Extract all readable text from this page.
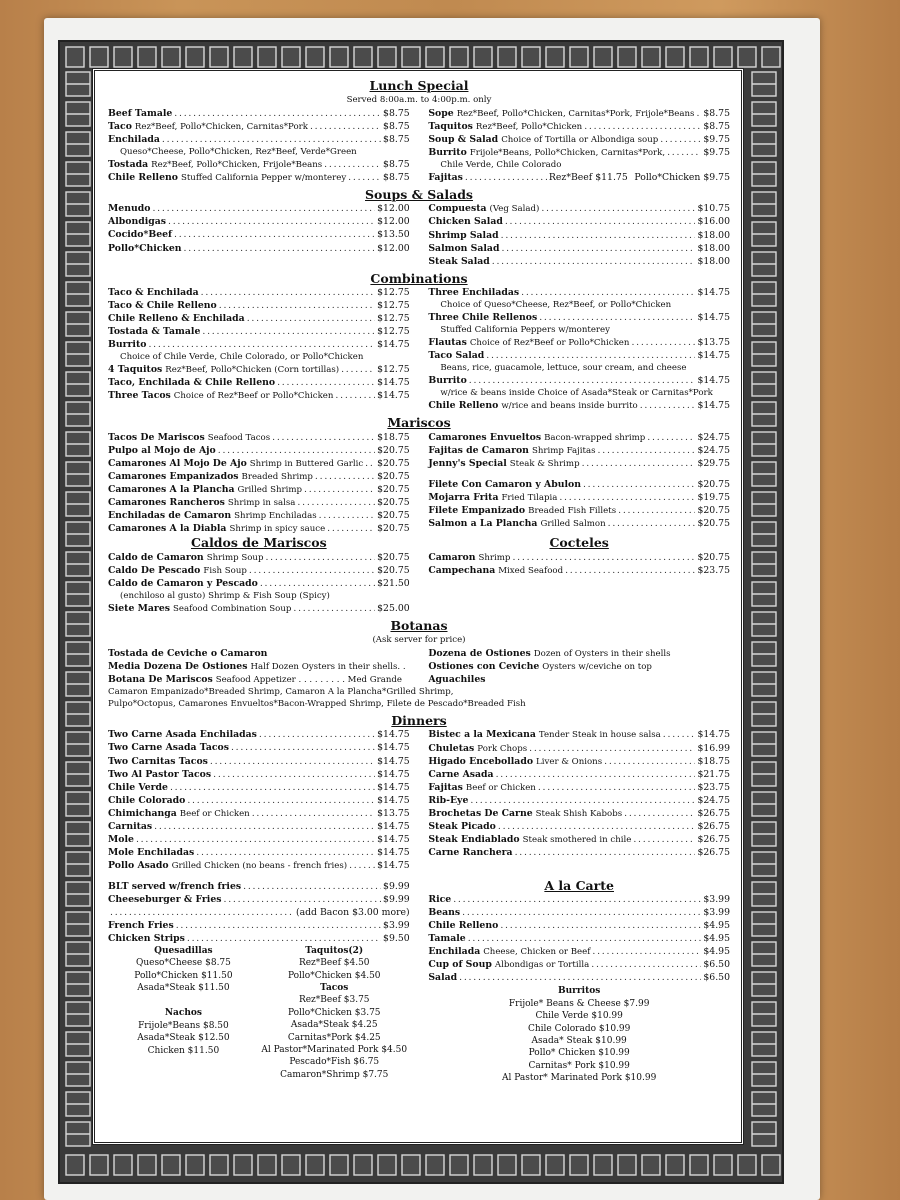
Lunch Special
Served 8:00a.m. to 4:00p.m. only
Beef Tamale . . .	$8.75
Taco Rez*Beef, Pollo*Chicken, Carnitas*Pork . . .	$8.75
Enchilada . . .	$8.75
Queso*Cheese, Pollo*Chicken, Rez*Beef, Verde*Green
Tostada Rez*Beef, Pollo*Chicken, Frijole*Beans . . .	$8.75
Chile Relleno Stuffed California Pepper w/monterey . . .	$8.75
Sope Rez*Beef, Pollo*Chicken, Carnitas*Pork, Frijole*Beans . . . $8.75
Taquitos Rez*Beef, Pollo*Chicken . . .	$8.75
Soup & Salad Choice of Tortilla or Albondiga soup . . .	$9.75
Burrito Frijole*Beans, Pollo*Chicken, Carnitas*Pork, . . .	$9.75
Chile Verde, Chile Colorado
Fajitas . . .	Rez*Beef $11.75 Pollo*Chicken $9.75
Soups & Salads
Menudo . . .	$12.00
Albondigas . . .	$12.00
Cocido*Beef . . .	$13.50
Pollo*Chicken . . .	$12.00
Compuesta (Veg Salad) . . .	$10.75
Chicken Salad . . .	$16.00
Shrimp Salad . . .	$18.00
Salmon Salad . . .	$18.00
Steak Salad . . .	$18.00
Combinations
Taco & Enchilada . . .	$12.75
Taco & Chile Relleno . . .	$12.75
Chile Relleno & Enchilada . . .	$12.75
Tostada & Tamale . . .	$12.75
Burrito . . .	$14.75
Choice of Chile Verde, Chile Colorado, or Pollo*Chicken
4 Taquitos Rez*Beef, Pollo*Chicken (Corn tortillas) . . .	$12.75
Taco, Enchilada & Chile Relleno . . .	$14.75
Three Tacos Choice of Rez*Beef or Pollo*Chicken . . .	$14.75
Three Enchiladas . . .	$14.75
Choice of Queso*Cheese, Rez*Beef, or Pollo*Chicken
Three Chile Rellenos . . .	$14.75
Stuffed California Peppers w/monterey
Flautas Choice of Rez*Beef or Pollo*Chicken . . .	$13.75
Taco Salad . . .	$14.75
Beans, rice, guacamole, lettuce, sour cream, and cheese
Burrito . . .	$14.75
w/rice & beans inside Choice of Asada*Steak or Carnitas*Pork
Chile Relleno w/rice and beans inside burrito . . .	$14.75
Mariscos
Tacos De Mariscos Seafood Tacos . . .	$18.75
Pulpo al Mojo de Ajo . . .	$20.75
Camarones Al Mojo De Ajo Shrimp in Buttered Garlic . . . $20.75
Camarones Empanizados Breaded Shrimp . . .	$20.75
Camarones A la Plancha Grilled Shrimp . . .	$20.75
Camarones Rancheros Shrimp in salsa . . .	$20.75
Enchiladas de Camaron Shrimp Enchiladas . . .	$20.75
Camarones A la Diabla Shrimp in spicy sauce . . .	$20.75
Camarones Envueltos Bacon-wrapped shrimp . . .	$24.75
Fajitas de Camaron Shrimp Fajitas . . .	$24.75
Jenny's Special Steak & Shrimp . . .	$29.75
Filete Con Camaron y Abulon . . .	$20.75
Mojarra Frita Fried Tilapia . . .	$19.75
Filete Empanizado Breaded Fish Fillets . . .	$20.75
Salmon a La Plancha Grilled Salmon . . .	$20.75
Caldos de Mariscos
Caldo de Camaron Shrimp Soup . . .	$20.75
Caldo De Pescado Fish Soup . . .	$20.75
Caldo de Camaron y Pescado . . .	$21.50
(enchiloso al gusto) Shrimp & Fish Soup (Spicy)
Siete Mares Seafood Combination Soup . . .	$25.00
Cocteles
Camaron Shrimp . . .	$20.75
Campechana Mixed Seafood . . .	$23.75
Botanas
(Ask server for price)
Tostada de Ceviche o Camaron
Media Dozena De Ostiones Half Dozen Oysters in their shells. .
Botana De Mariscos Seafood Appetizer . . . . . . . . . Med Grande
Dozena de Ostiones Dozen of Oysters in their shells
Ostiones con Ceviche Oysters w/ceviche on top
Aguachiles
Camaron Empanizado*Breaded Shrimp, Camaron A la Plancha*Grilled Shrimp,
Pulpo*Octopus, Camarones Envueltos*Bacon-Wrapped Shrimp, Filete de Pescado*Breaded Fish
Dinners
Two Carne Asada Enchiladas . . .	$14.75
Two Carne Asada Tacos . . .	$14.75
Two Carnitas Tacos . . .	$14.75
Two Al Pastor Tacos . . .	$14.75
Chile Verde . . .	$14.75
Chile Colorado . . .	$14.75
Chimichanga Beef or Chicken . . .	$13.75
Carnitas . . .	$14.75
Mole . . .	$14.75
Mole Enchiladas . . .	$14.75
Pollo Asado Grilled Chicken (no beans - french fries) . . .	$14.75
Bistec a la Mexicana Tender Steak in house salsa . . .	$14.75
Chuletas Pork Chops . . .	$16.99
Higado Encebollado Liver & Onions . . .	$18.75
Carne Asada . . .	$21.75
Fajitas Beef or Chicken . . .	$23.75
Rib-Eye . . .	$24.75
Brochetas De Carne Steak Shish Kabobs . . .	$26.75
Steak Picado . . .	$26.75
Steak Endiablado Steak smothered in chile . . .	$26.75
Carne Ranchera . . .	$26.75
BLT served w/french fries . . .	$9.99
Cheeseburger & Fries . . .	$9.99
. . .
(add Bacon $3.00 more)
French Fries . . .	$3.99
Chicken Strips . . .	$9.50
Quesadillas
Queso*Cheese $8.75
Pollo*Chicken $11.50
Asada*Steak $11.50
Nachos
Frijole*Beans $8.50
Asada*Steak $12.50
Chicken $11.50
Taquitos(2)
Rez*Beef $4.50
Pollo*Chicken $4.50
Tacos
Rez*Beef $3.75
Pollo*Chicken $3.75
Asada*Steak $4.25
Carnitas*Pork $4.25
Al Pastor*Marinated Pork $4.50
Pescado*Fish $6.75
Camaron*Shrimp $7.75
A la Carte
Rice . . .	$3.99
Beans . . .	$3.99
Chile Relleno . . .	$4.95
Tamale . . .	$4.95
Enchilada Cheese, Chicken or Beef . . .	$4.95
Cup of Soup Albondigas or Tortilla . . .	$6.50
Salad . . .	$6.50
Burritos
Frijole* Beans & Cheese $7.99
Chile Verde $10.99
Chile Colorado $10.99
Asada* Steak $10.99
Pollo* Chicken $10.99
Carnitas* Pork $10.99
Al Pastor* Marinated Pork $10.99
